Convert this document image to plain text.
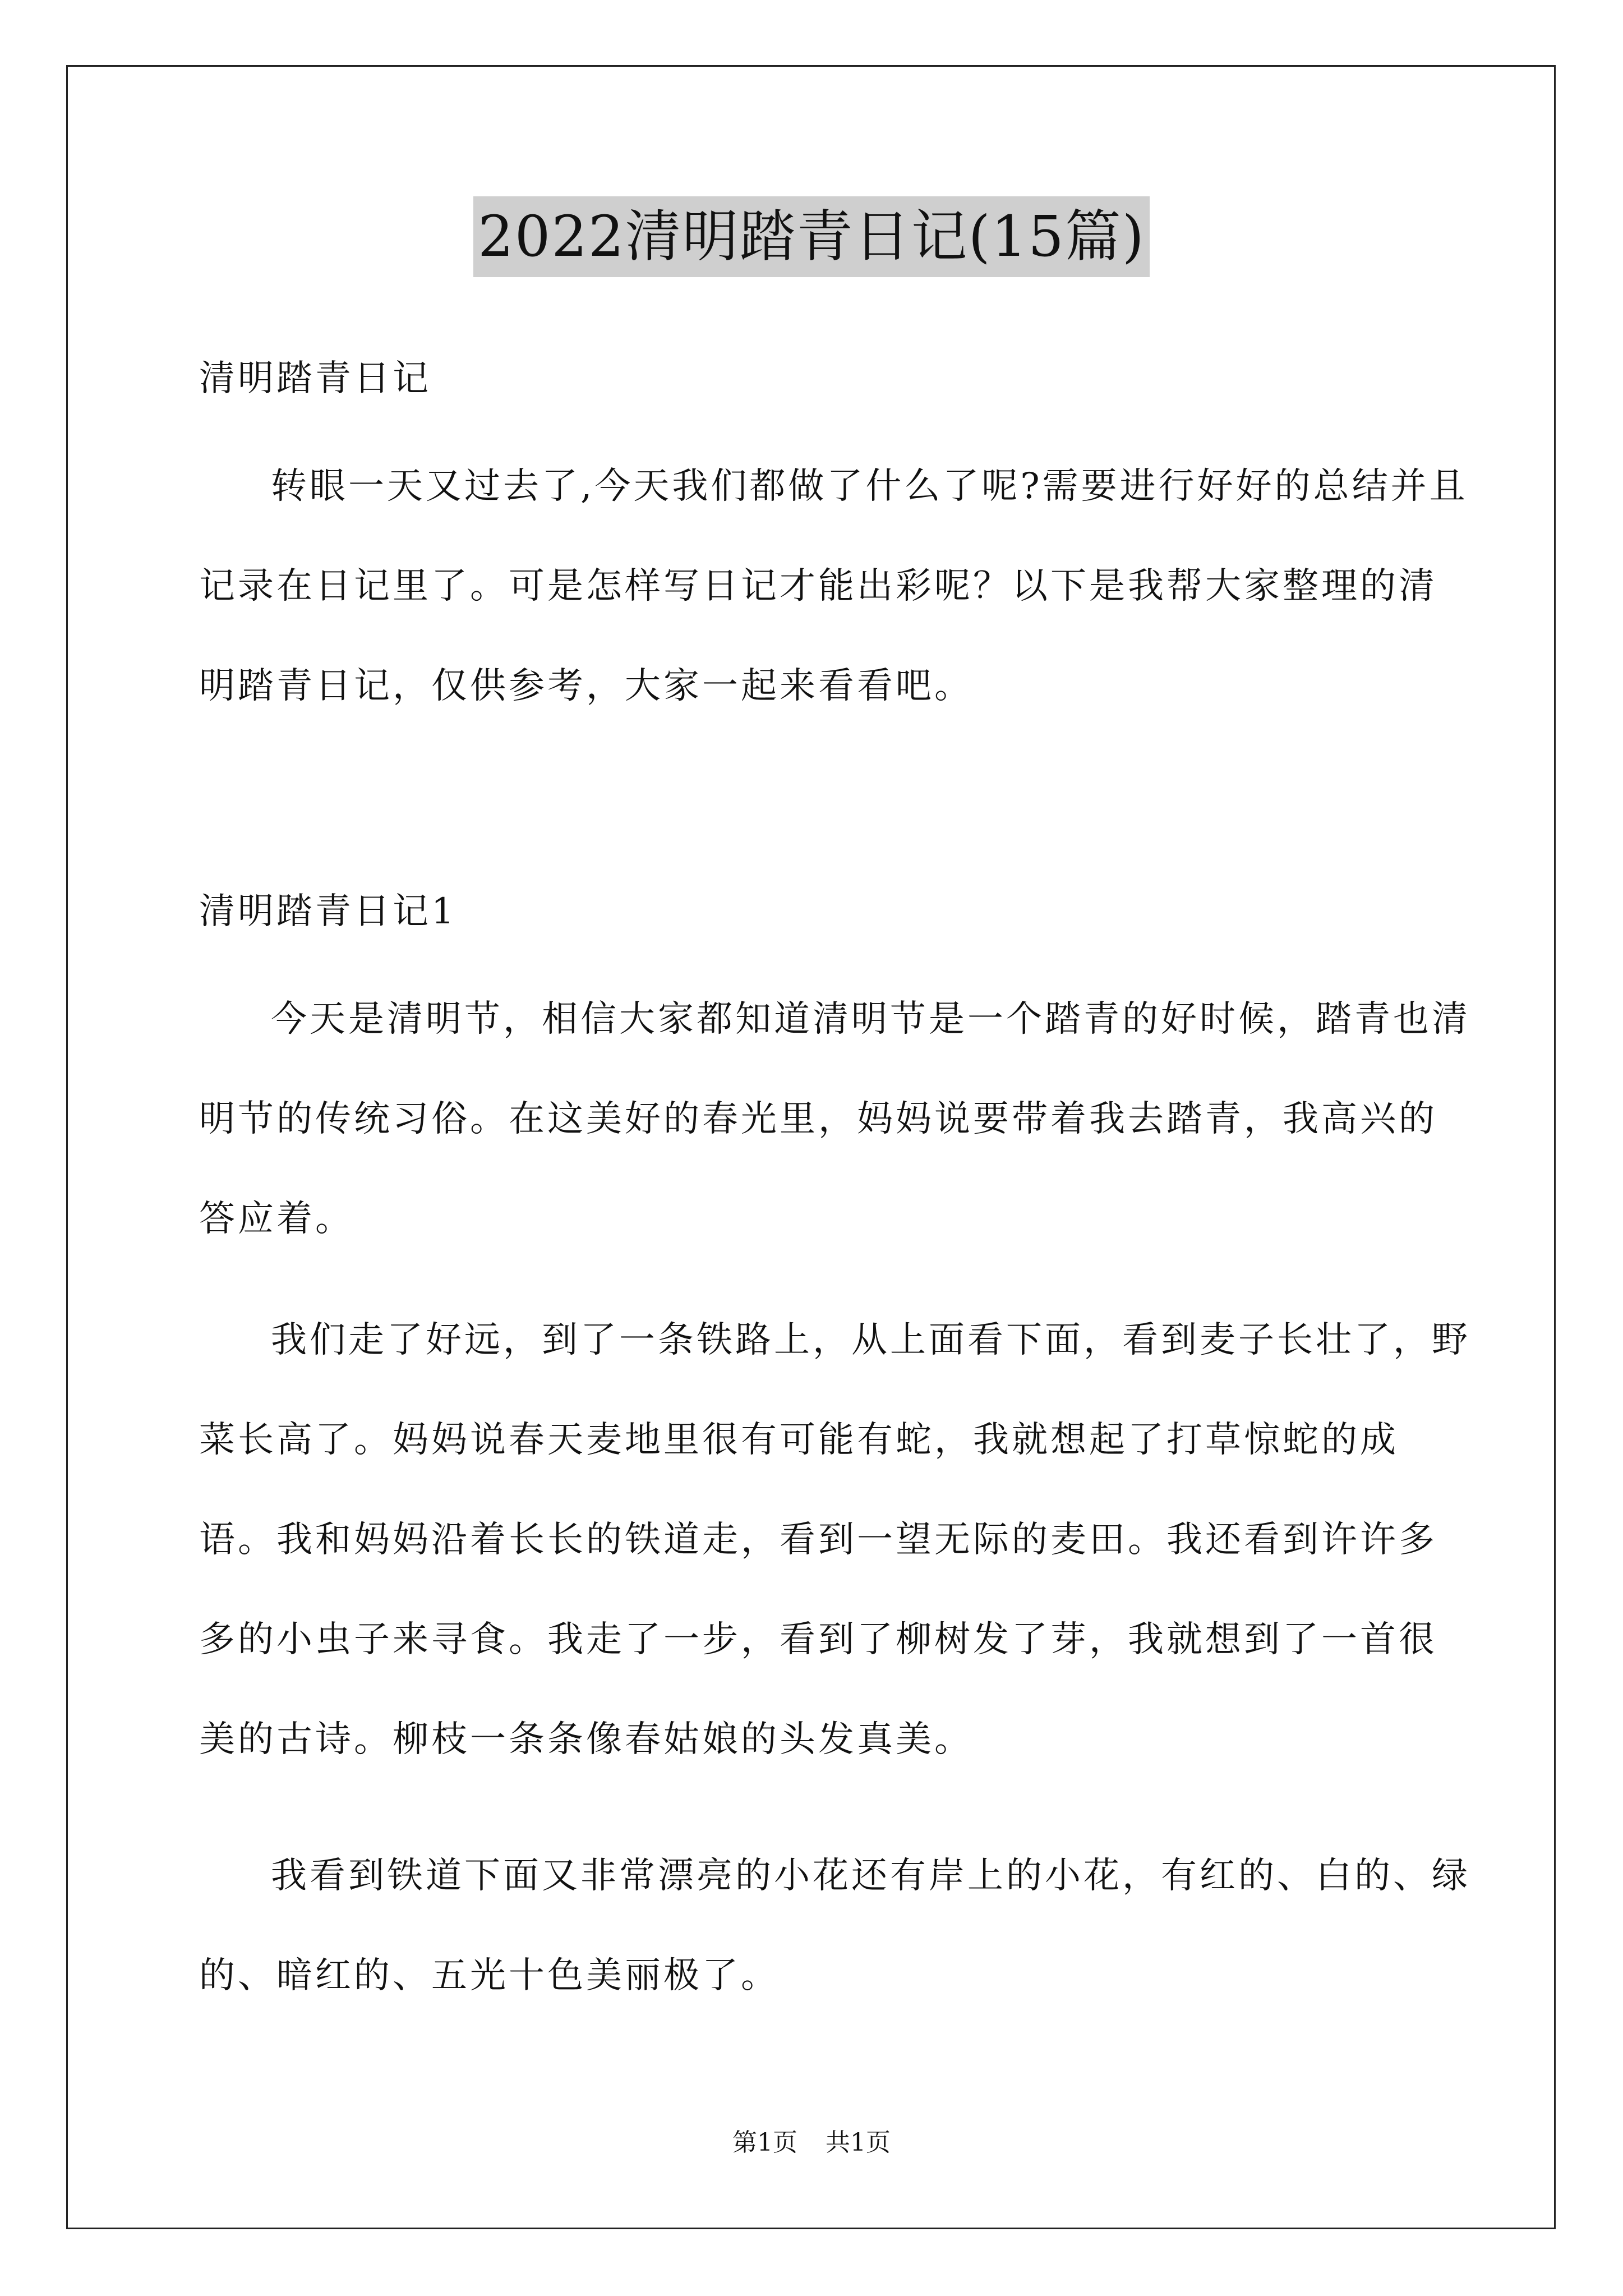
2022清明踏青日记(15篇)

清明踏青日记

转眼一天又过去了,今天我们都做了什么了呢?需要进行好好的总结并且记录在日记里了。可是怎样写日记才能出彩呢？以下是我帮大家整理的清明踏青日记，仅供参考，大家一起来看看吧。

清明踏青日记1

今天是清明节，相信大家都知道清明节是一个踏青的好时候，踏青也清明节的传统习俗。在这美好的春光里，妈妈说要带着我去踏青，我高兴的答应着。

我们走了好远，到了一条铁路上，从上面看下面，看到麦子长壮了，野菜长高了。妈妈说春天麦地里很有可能有蛇，我就想起了打草惊蛇的成语。我和妈妈沿着长长的铁道走，看到一望无际的麦田。我还看到许许多多的小虫子来寻食。我走了一步，看到了柳树发了芽，我就想到了一首很美的古诗。柳枝一条条像春姑娘的头发真美。

我看到铁道下面又非常漂亮的小花还有岸上的小花，有红的、白的、绿的、暗红的、五光十色美丽极了。

第1页 共1页
